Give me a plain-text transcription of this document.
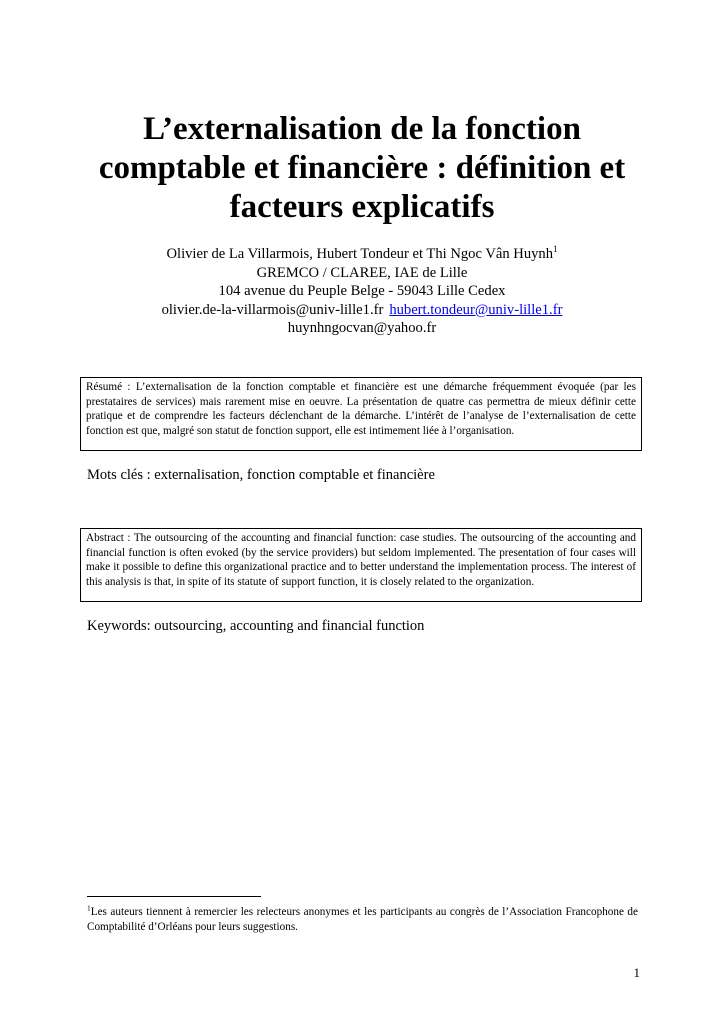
L’externalisation de la fonction
comptable et financière : définition et
facteurs explicatifs
Olivier de La Villarmois, Hubert Tondeur et Thi Ngoc Vân Huynh$^1$
GREMCO / CLAREE, IAE de Lille
104 avenue du Peuple Belge - 59043 Lille Cedex
olivier.de-la-villarmois@univ-lille1.fr hubert.tondeur@univ-lille1.fr
huynhngocvan@yahoo.fr
Résumé : L’externalisation de la fonction comptable et financière est une démarche fréquemment évoquée (par les prestataires de services) mais rarement mise en oeuvre. La présentation de quatre cas permettra de mieux définir cette pratique et de comprendre les facteurs déclenchant de la démarche. L’intérêt de l’analyse de l’externalisation de cette fonction est que, malgré son statut de fonction support, elle est intimement liée à l’organisation.
Mots clés : externalisation, fonction comptable et financière
Abstract : The outsourcing of the accounting and financial function: case studies. The outsourcing of the accounting and financial function is often evoked (by the service providers) but seldom implemented. The presentation of four cases will make it possible to define this organizational practice and to better understand the implementation process. The interest of this analysis is that, in spite of its statute of support function, it is closely related to the organization.
Keywords: outsourcing, accounting and financial function
$^1$Les auteurs tiennent à remercier les relecteurs anonymes et les participants au congrès de l’Association Francophone de Comptabilité d’Orléans pour leurs suggestions.
1
